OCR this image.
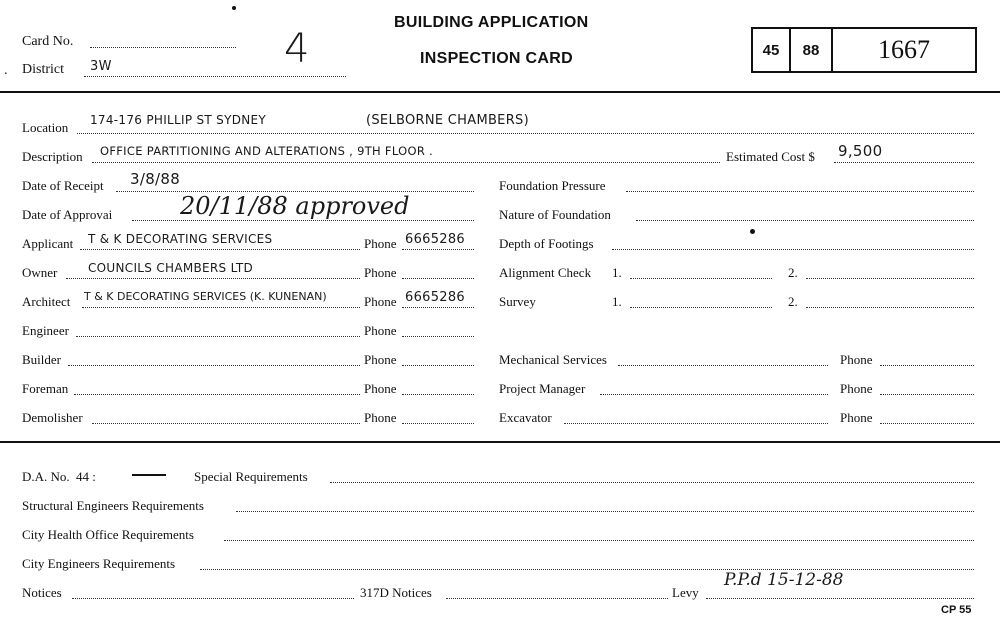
Card No.
. District 3W	4
BUILDING APPLICATION
INSPECTION CARD	45	88	1667
Location 174-176 PHILLIP ST SYDNEY	(SELBORNE CHAMBERS)
Description OFFICE PARTITIONING AND ALTERATIONS , 9TH FLOOR .	Estimated Cost $ 9,500
Date of Receipt 3/8/88
Date of Approvai	20/11/88 approved
Applicant T & K DECORATING SERVICES	Phone 6665286
Owner	COUNCILS CHAMBERS LTD	Phone
Architect T & K DECORATING SERVICES (K. KUNENAN)	Phone 6665286
Engineer	Phone
Builder	Phone
Foreman	Phone
Demolisher	Phone
Foundation Pressure
Nature of Foundation
Depth of Footings
Alignment Check 1.	2.
Survey	1.	2.
Mechanical Services	Phone
Project Manager	Phone
Excavator	Phone
D.A. No. 44 :	Special Requirements
Structural Engineers Requirements
City Health Office Requirements
City Engineers Requirements
Notices	317D Notices	Levy
P.P.d 15-12-88
CP 55
